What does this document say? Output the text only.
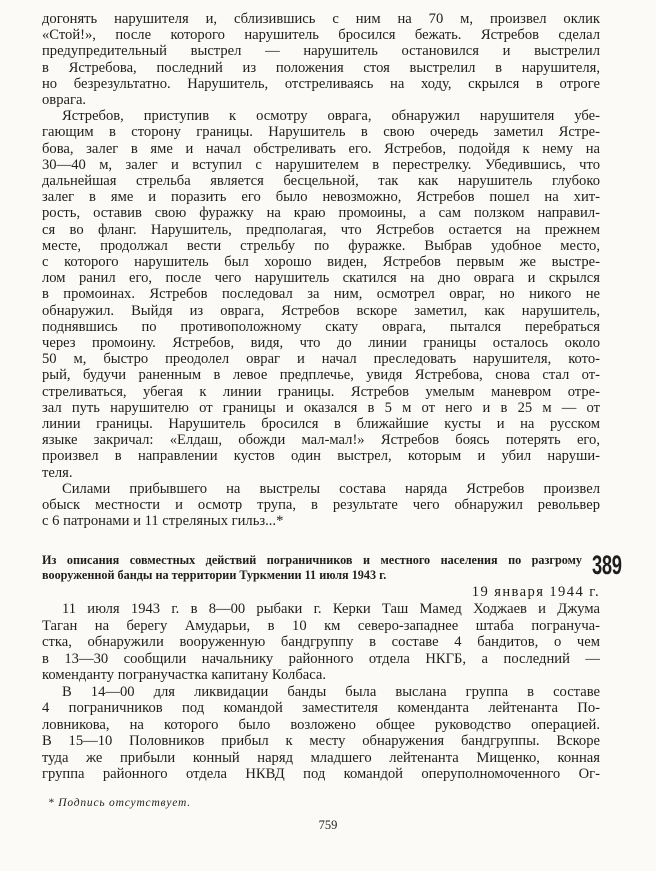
догонять нарушителя и, сблизившись с ним на 70 м, произвел оклик
«Стой!», после которого нарушитель бросился бежать. Ястребов сделал
предупредительный выстрел — нарушитель остановился и выстрелил
в Ястребова, последний из положения стоя выстрелил в нарушителя,
но безрезультатно. Нарушитель, отстреливаясь на ходу, скрылся в отроге
оврага.
Ястребов, приступив к осмотру оврага, обнаружил нарушителя убе-
гающим в сторону границы. Нарушитель в свою очередь заметил Ястре-
бова, залег в яме и начал обстреливать его. Ястребов, подойдя к нему на
30—40 м, залег и вступил с нарушителем в перестрелку. Убедившись, что
дальнейшая стрельба является бесцельной, так как нарушитель глубоко
залег в яме и поразить его было невозможно, Ястребов пошел на хит-
рость, оставив свою фуражку на краю промоины, а сам ползком направил-
ся во фланг. Нарушитель, предполагая, что Ястребов остается на прежнем
месте, продолжал вести стрельбу по фуражке. Выбрав удобное место,
с которого нарушитель был хорошо виден, Ястребов первым же выстре-
лом ранил его, после чего нарушитель скатился на дно оврага и скрылся
в промоинах. Ястребов последовал за ним, осмотрел овраг, но никого не
обнаружил. Выйдя из оврага, Ястребов вскоре заметил, как нарушитель,
поднявшись по противоположному скату оврага, пытался перебраться
через промоину. Ястребов, видя, что до линии границы осталось около
50 м, быстро преодолел овраг и начал преследовать нарушителя, кото-
рый, будучи раненным в левое предплечье, увидя Ястребова, снова стал от-
стреливаться, убегая к линии границы. Ястребов умелым маневром отре-
зал путь нарушителю от границы и оказался в 5 м от него и в 25 м — от
линии границы. Нарушитель бросился в ближайшие кусты и на русском
языке закричал: «Елдаш, обожди мал-мал!» Ястребов боясь потерять его,
произвел в направлении кустов один выстрел, которым и убил наруши-
теля.
Силами прибывшего на выстрелы состава наряда Ястребов произвел
обыск местности и осмотр трупа, в результате чего обнаружил револьвер
с 6 патронами и 11 стреляных гильз...*
Из описания совместных действий пограничников и местного населения по разгрому
вооруженной банды на территории Туркмении 11 июля 1943 г.	389
19 января 1944 г.
11 июля 1943 г. в 8—00 рыбаки г. Керки Таш Мамед Ходжаев и Джума
Таган на берегу Амударьи, в 10 км северо-западнее штаба погранучa-
стка, обнаружили вооруженную бандгруппу в составе 4 бандитов, о чем
в 13—30 сообщили начальнику районного отдела НКГБ, а последний —
коменданту погранучастка капитану Колбаса.
В 14—00 для ликвидации банды была выслана группа в составе
4 пограничников под командой заместителя коменданта лейтенанта По-
ловникова, на которого было возложено общее руководство операцией.
В 15—10 Половников прибыл к месту обнаружения бандгруппы. Вскоре
туда же прибыли конный наряд младшего лейтенанта Мищенко, конная
группа районного отдела НКВД под командой оперуполномоченного Ог-
* Подпись отсутствует.
759
